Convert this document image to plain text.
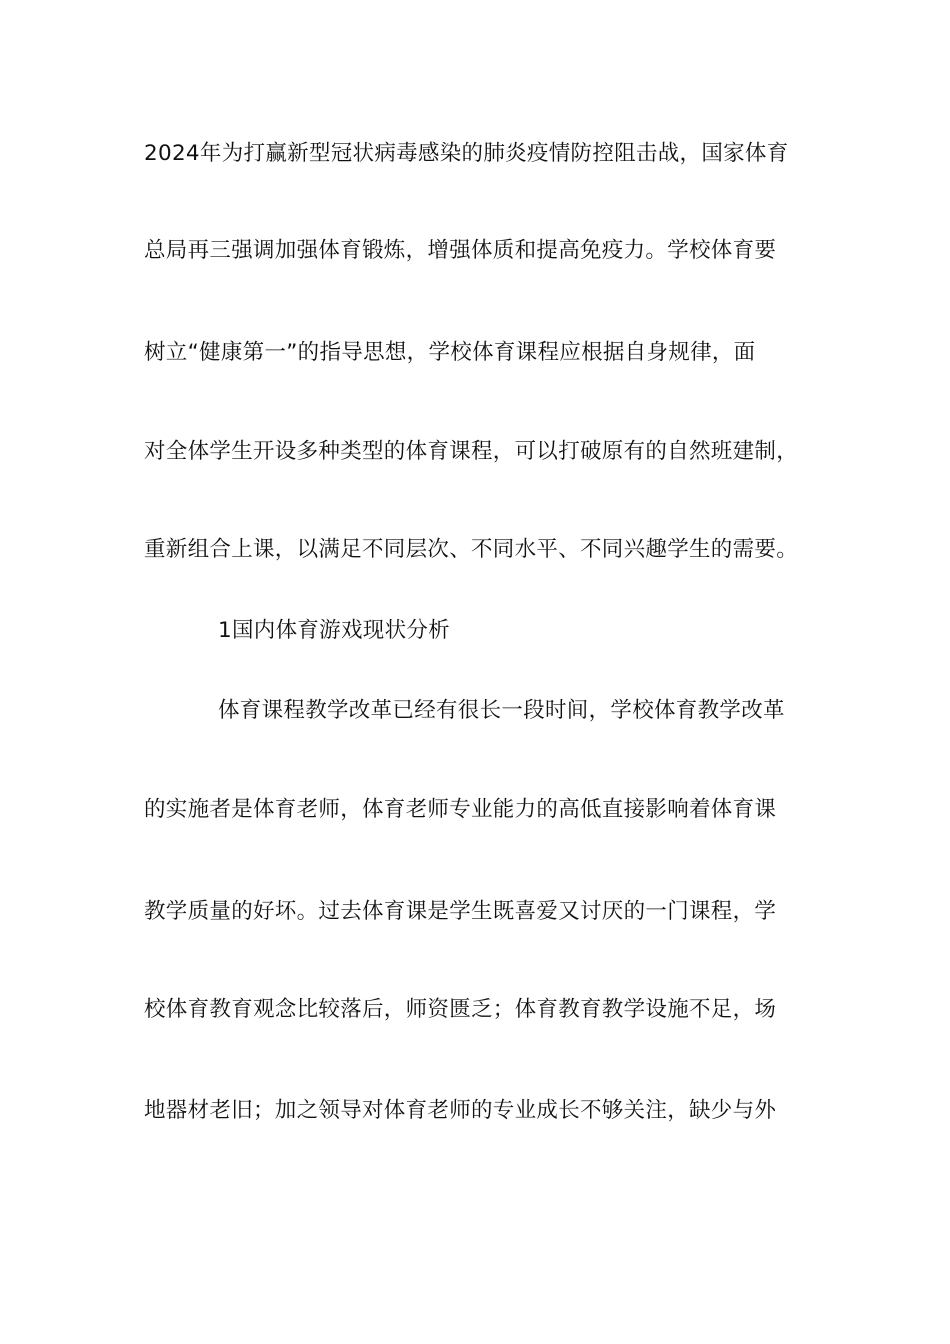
2024年为打赢新型冠状病毒感染的肺炎疫情防控阻击战，国家体育
总局再三强调加强体育锻炼，增强体质和提高免疫力。学校体育要
树立“健康第一”的指导思想，学校体育课程应根据自身规律，面
对全体学生开设多种类型的体育课程，可以打破原有的自然班建制，
重新组合上课，以满足不同层次、不同水平、不同兴趣学生的需要。
1国内体育游戏现状分析
体育课程教学改革已经有很长一段时间，学校体育教学改革
的实施者是体育老师，体育老师专业能力的高低直接影响着体育课
教学质量的好坏。过去体育课是学生既喜爱又讨厌的一门课程，学
校体育教育观念比较落后，师资匮乏；体育教育教学设施不足，场
地器材老旧；加之领导对体育老师的专业成长不够关注，缺少与外
